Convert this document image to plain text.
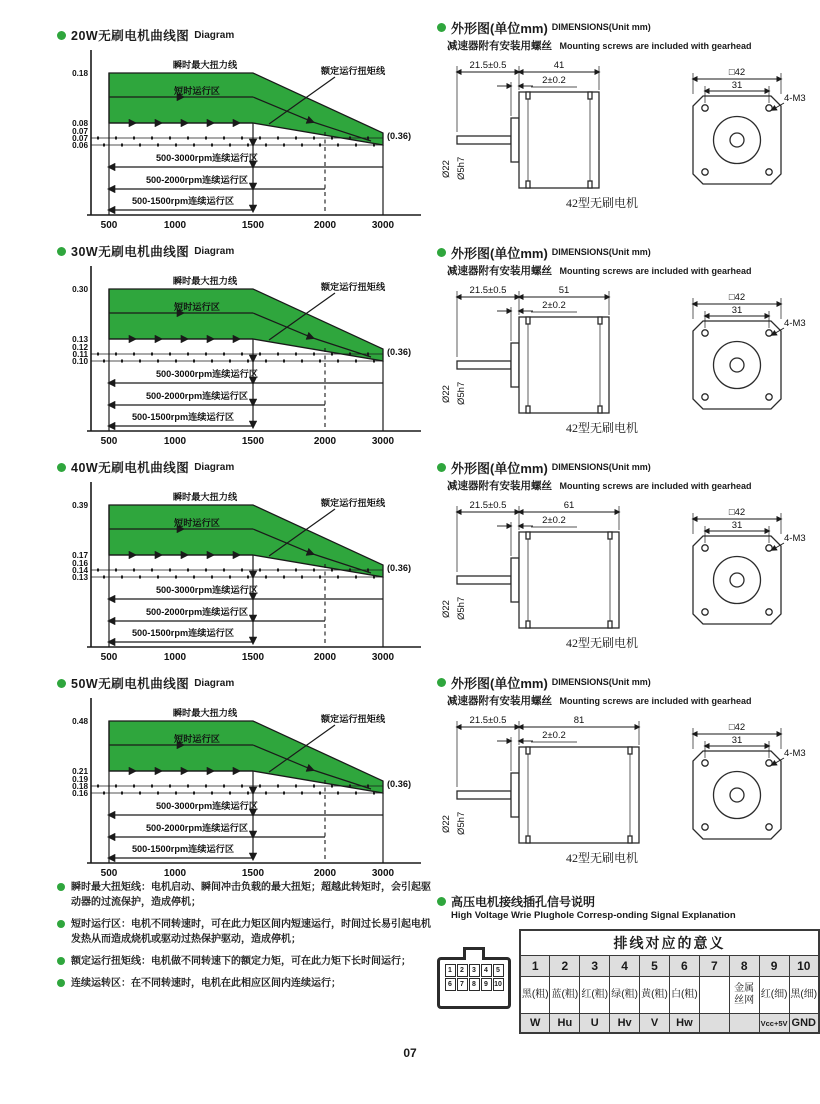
20W无刷电机曲线图 Diagram
瞬时最大扭力线
额定运行扭矩线
短时运行区
0.18
0.08
0.07
0.07
0.06
(0.36)
500-3000rpm连续运行区
500-2000rpm连续运行区
500-1500rpm连续运行区
500	1000	1500	2000	3000
30W无刷电机曲线图 Diagram
瞬时最大扭力线
额定运行扭矩线
短时运行区
0.30
0.13
0.12
0.11
0.10
(0.36)
500-3000rpm连续运行区
500-2000rpm连续运行区
500-1500rpm连续运行区
500	1000	1500	2000	3000
40W无刷电机曲线图 Diagram
瞬时最大扭力线
额定运行扭矩线
短时运行区
0.39
0.17
0.16
0.14
0.13
(0.36)
500-3000rpm连续运行区
500-2000rpm连续运行区
500-1500rpm连续运行区
500	1000	1500	2000	3000
50W无刷电机曲线图 Diagram
瞬时最大扭力线
额定运行扭矩线
短时运行区
0.48
0.21
0.19
0.18
0.16
(0.36)
500-3000rpm连续运行区
500-2000rpm连续运行区
500-1500rpm连续运行区
500	1000	1500	2000	3000
瞬时最大扭矩线：电机启动、瞬间冲击负载的最大扭矩；超越此转矩时，会引起驱动器的过流保护，造成停机；
短时运行区：电机不同转速时，可在此力矩区间内短速运行，时间过长易引起电机发热从而造成烧机或驱动过热保护驱动，造成停机；
额定运行扭矩线：电机做不同转速下的额定力矩，可在此力矩下长时间运行；
连续运转区：在不同转速时，电机在此相应区间内连续运行；
外形图(单位mm) DIMENSIONS(Unit mm)
减速器附有安装用螺丝 Mounting screws are included with gearhead
21.5±0.5	41
2±0.2
Ø22 Ø5h7
□42
31
4-M3
42型无刷电机
外形图(单位mm) DIMENSIONS(Unit mm)
减速器附有安装用螺丝 Mounting screws are included with gearhead
21.5±0.5	51
2±0.2
Ø22 Ø5h7
□42
31
4-M3
42型无刷电机
外形图(单位mm) DIMENSIONS(Unit mm)
减速器附有安装用螺丝 Mounting screws are included with gearhead
21.5±0.5	61
2±0.2
Ø22 Ø5h7
□42
31
4-M3
42型无刷电机
外形图(单位mm) DIMENSIONS(Unit mm)
减速器附有安装用螺丝 Mounting screws are included with gearhead
21.5±0.5	81
2±0.2
Ø22 Ø5h7
□42
31
4-M3
42型无刷电机
高压电机接线插孔信号说明
High Voltage Wrie Plughole Corresp-onding Signal Explanation
1	2	3	4	5
6	7	8	9 10
排线对应的意义									
1	2	3	4	5	6	7	8	9	10
黑(粗)	蓝(粗)	红(粗)	绿(粗)	黄(粗)	白(粗)		金属丝网	红(细)	黑(细)
W	Hu	U	Hv	V	Hw			Vcc+5V	GND
07
